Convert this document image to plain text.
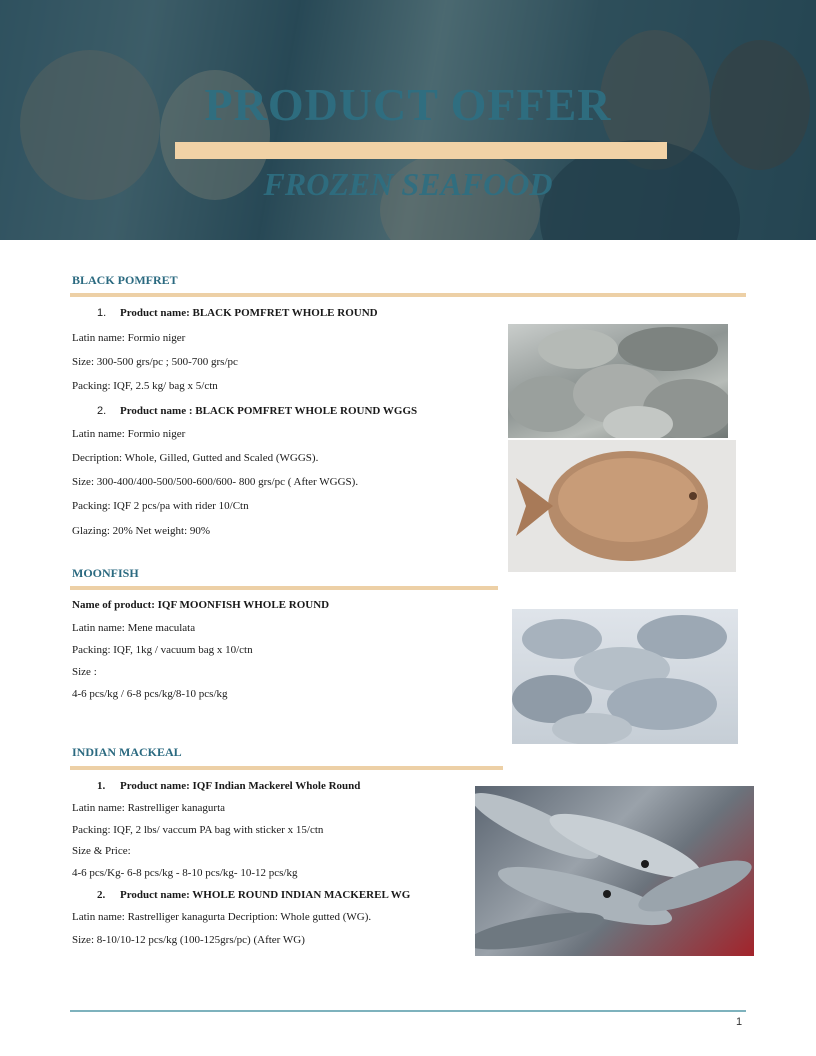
PRODUCT OFFER
FROZEN SEAFOOD
BLACK POMFRET
1. Product name: BLACK POMFRET WHOLE ROUND
Latin name: Formio niger
Size: 300-500 grs/pc ; 500-700 grs/pc
Packing: IQF, 2.5 kg/ bag x 5/ctn
2. Product name : BLACK POMFRET WHOLE ROUND WGGS
Latin name: Formio niger
Decription: Whole, Gilled, Gutted and Scaled (WGGS).
Size: 300-400/400-500/500-600/600- 800 grs/pc ( After WGGS).
Packing: IQF 2 pcs/pa with rider 10/Ctn
Glazing: 20% Net weight: 90%
MOONFISH
Name of product: IQF MOONFISH WHOLE ROUND
Latin name: Mene maculata
Packing: IQF, 1kg / vacuum bag x 10/ctn
Size :
4-6 pcs/kg / 6-8 pcs/kg/8-10 pcs/kg
INDIAN MACKEAL
1. Product name: IQF Indian Mackerel Whole Round
Latin name: Rastrelliger kanagurta
Packing: IQF, 2 lbs/ vaccum PA bag with sticker x 15/ctn
Size & Price:
4-6 pcs/Kg- 6-8 pcs/kg - 8-10 pcs/kg- 10-12 pcs/kg
2. Product name: WHOLE ROUND INDIAN MACKEREL WG
Latin name: Rastrelliger kanagurta Decription: Whole gutted (WG).
Size: 8-10/10-12 pcs/kg (100-125grs/pc) (After WG)
1
